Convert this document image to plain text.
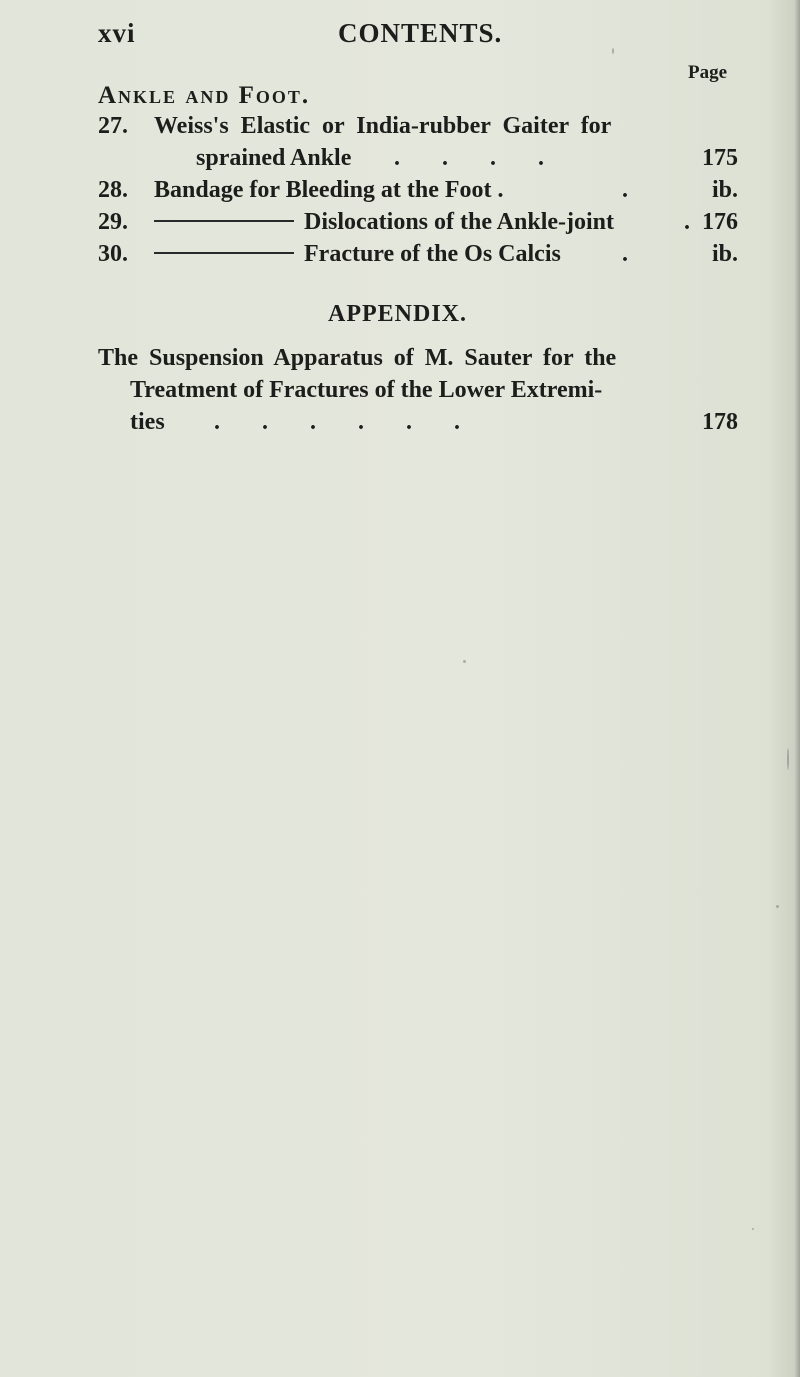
xvi	CONTENTS.
Page
Ankle and Foot.
27. Weiss's Elastic or India-rubber Gaiter for
sprained Ankle .       .       .       .	175
28. Bandage for Bleeding at the Foot .	.	ib.
29.	Dislocations of the Ankle-joint	. 176
30.	Fracture of the Os Calcis	.	ib.
APPENDIX.
The Suspension Apparatus of M. Sauter for the
Treatment of Fractures of the Lower Extremi-
ties .       .       .       .       .       .	178
